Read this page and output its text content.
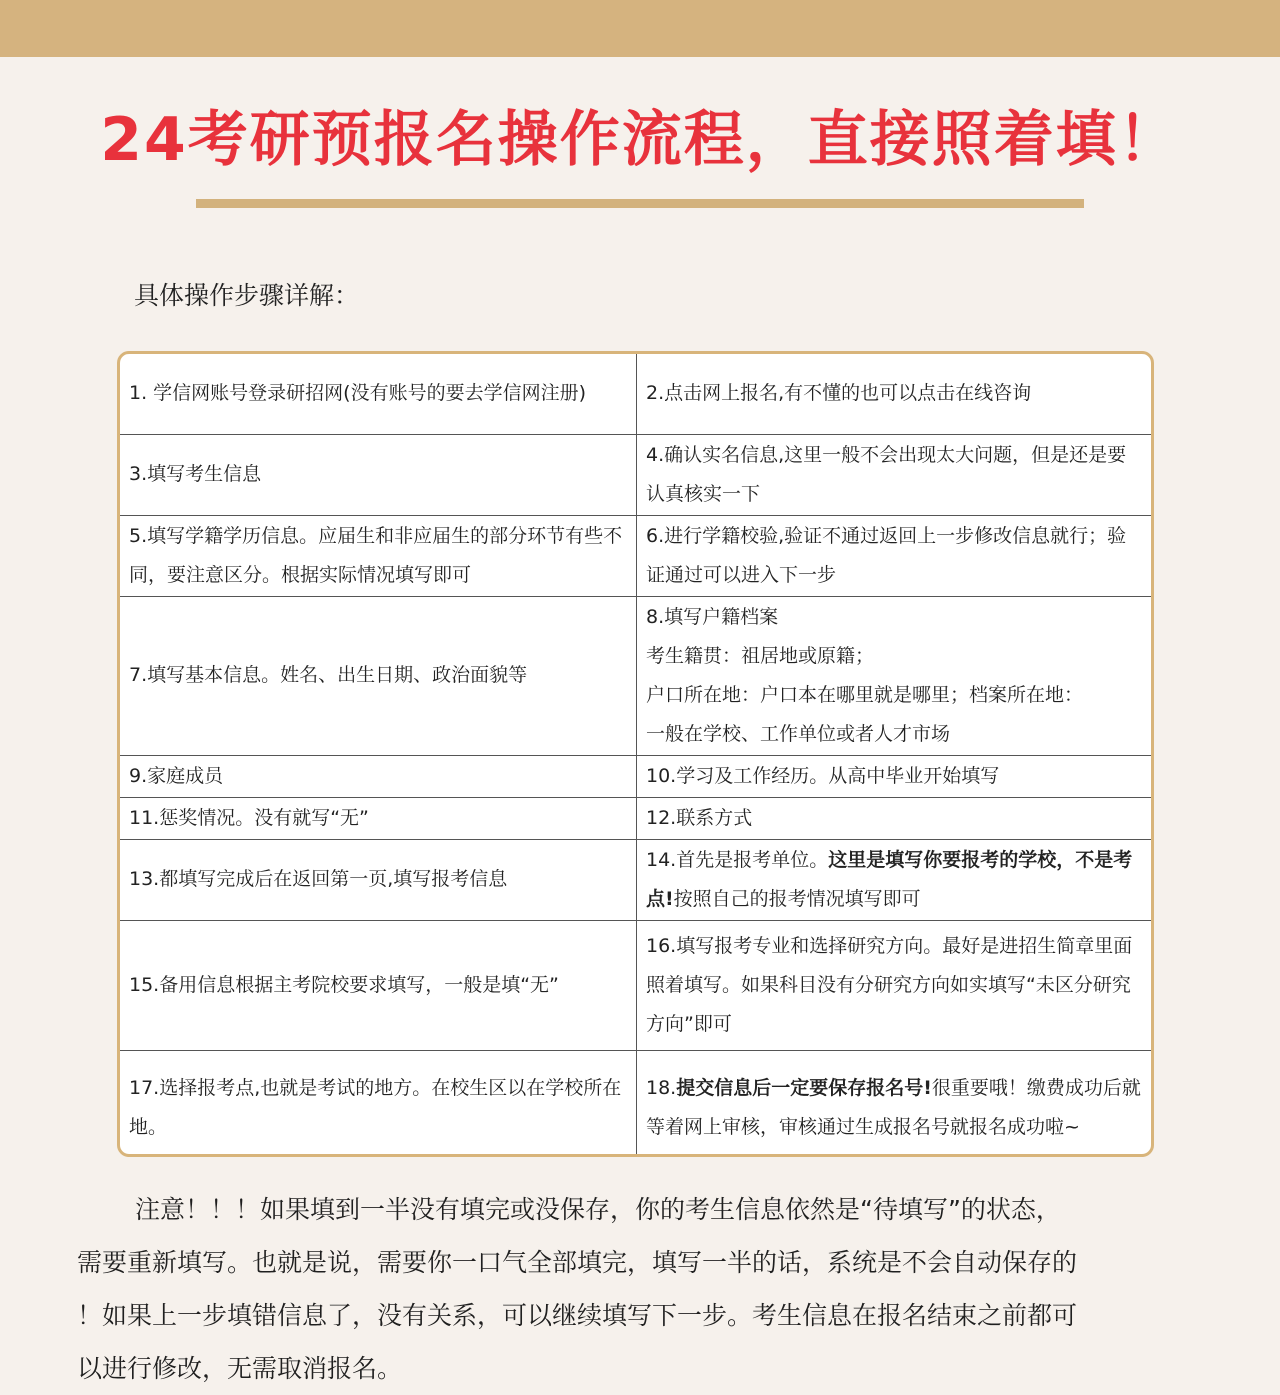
24考研预报名操作流程，直接照着填！
具体操作步骤详解：
1. 学信网账号登录研招网(没有账号的要去学信网注册)	2.点击网上报名,有不懂的也可以点击在线咨询
3.填写考生信息	4.确认实名信息,这里一般不会出现太大问题，但是还是要认真核实一下
5.填写学籍学历信息。应届生和非应届生的部分环节有些不同，要注意区分。根据实际情况填写即可	6.进行学籍校验,验证不通过返回上一步修改信息就行；验证通过可以进入下一步
7.填写基本信息。姓名、出生日期、政治面貌等	8.填写户籍档案
考生籍贯：祖居地或原籍；
户口所在地：户口本在哪里就是哪里；档案所在地：
一般在学校、工作单位或者人才市场

9.家庭成员	10.学习及工作经历。从高中毕业开始填写
11.惩奖情况。没有就写“无”	12.联系方式
13.都填写完成后在返回第一页,填写报考信息	14.首先是报考单位。这里是填写你要报考的学校，不是考点!按照自己的报考情况填写即可
15.备用信息根据主考院校要求填写，一般是填“无”	16.填写报考专业和选择研究方向。最好是进招生简章里面照着填写。如果科目没有分研究方向如实填写“未区分研究方向”即可
17.选择报考点,也就是考试的地方。在校生区以在学校所在地。	18.提交信息后一定要保存报名号!很重要哦！缴费成功后就等着网上审核，审核通过生成报名号就报名成功啦~

注意！！！如果填到一半没有填完或没保存，你的考生信息依然是“待填写”的状态，

需要重新填写。也就是说，需要你一口气全部填完，填写一半的话，系统是不会自动保存的

！如果上一步填错信息了，没有关系，可以继续填写下一步。考生信息在报名结束之前都可

以进行修改，无需取消报名。
